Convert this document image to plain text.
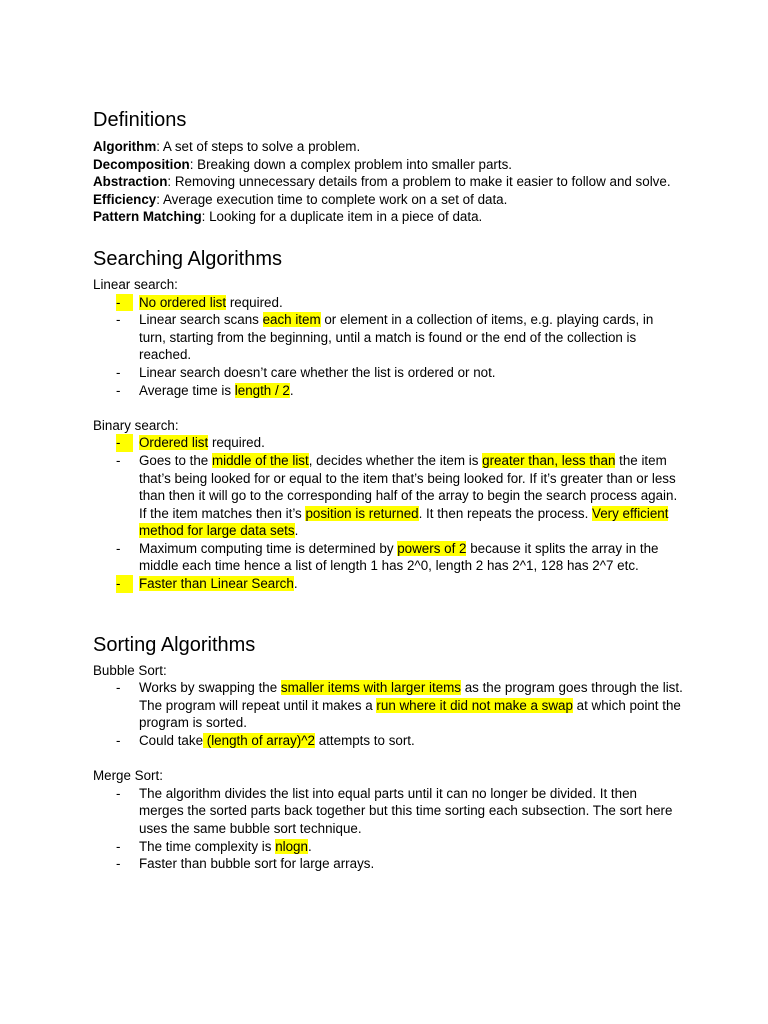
Definitions

Algorithm: A set of steps to solve a problem.

Decomposition: Breaking down a complex problem into smaller parts.

Abstraction: Removing unnecessary details from a problem to make it easier to follow and solve.

Efficiency: Average execution time to complete work on a set of data.

Pattern Matching: Looking for a duplicate item in a piece of data.

Searching Algorithms

Linear search:

-	No ordered list required.
- Linear search scans each item or element in a collection of items, e.g. playing cards, in turn, starting from the beginning, until a match is found or the end of the collection is reached.
- Linear search doesn’t care whether the list is ordered or not.
- Average time is length / 2.

Binary search:

-	Ordered list required.
- Goes to the middle of the list, decides whether the item is greater than, less than the item that’s being looked for or equal to the item that’s being looked for. If it’s greater than or less than then it will go to the corresponding half of the array to begin the search process again. If the item matches then it’s position is returned. It then repeats the process. Very efficient method for large data sets.
- Maximum computing time is determined by powers of 2 because it splits the array in the middle each time hence a list of length 1 has 2^0, length 2 has 2^1, 128 has 2^7 etc.
-	Faster than Linear Search.
Sorting Algorithms

Bubble Sort:

- Works by swapping the smaller items with larger items as the program goes through the list. The program will repeat until it makes a run where it did not make a swap at which point the program is sorted.
- Could take (length of array)^2 attempts to sort.

Merge Sort:

- The algorithm divides the list into equal parts until it can no longer be divided. It then merges the sorted parts back together but this time sorting each subsection. The sort here uses the same bubble sort technique.
- The time complexity is nlogn.
- Faster than bubble sort for large arrays.
